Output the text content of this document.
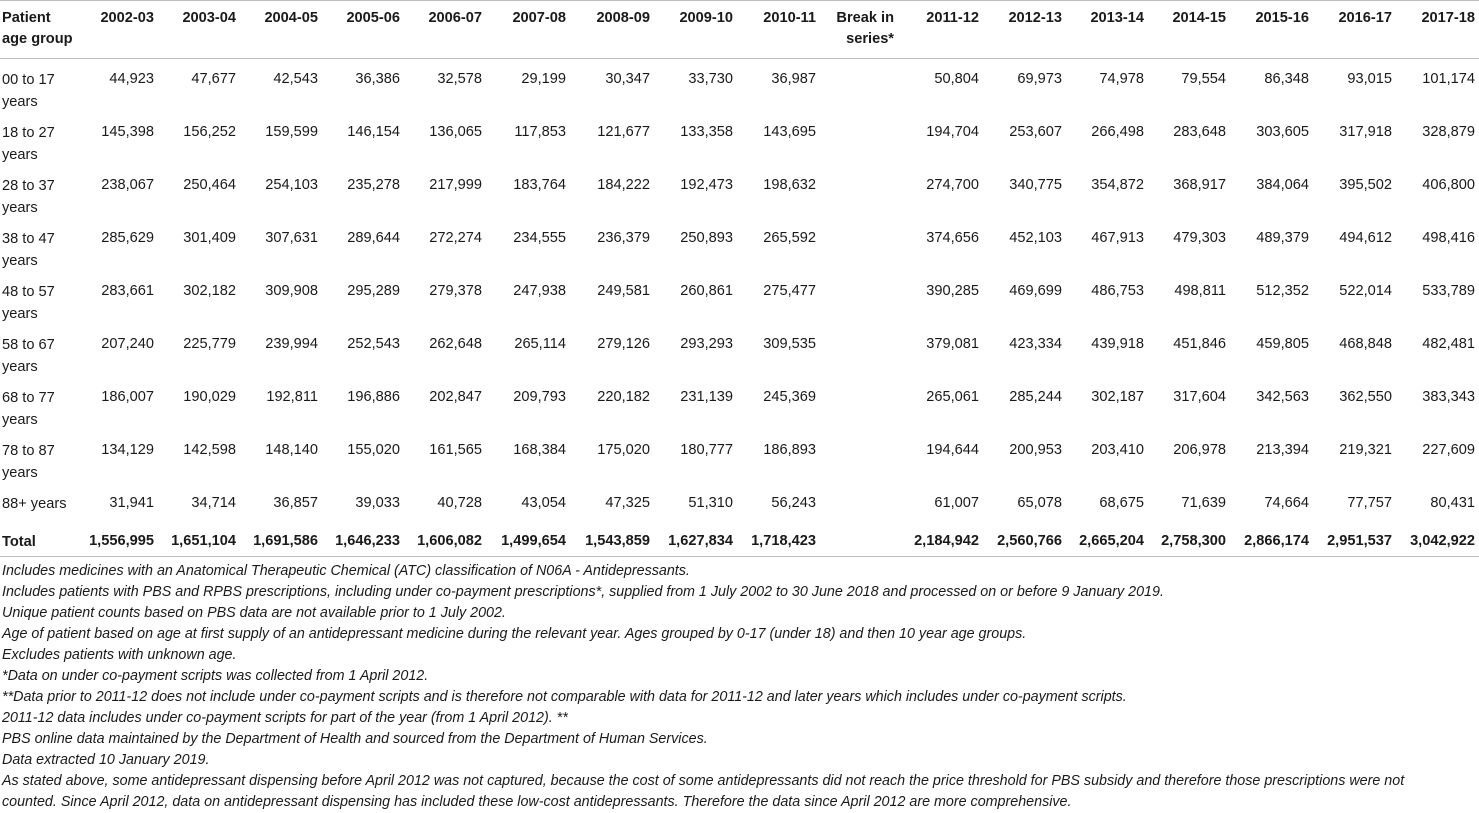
Patient age group	2002-03	2003-04	2004-05	2005-06	2006-07	2007-08	2008-09	2009-10	2010-11	Break in series*	2011-12	2012-13	2013-14	2014-15	2015-16	2016-17	2017-18
00 to 17 years	44,923	47,677	42,543	36,386	32,578	29,199	30,347	33,730	36,987		50,804	69,973	74,978	79,554	86,348	93,015	101,174
18 to 27 years	145,398	156,252	159,599	146,154	136,065	117,853	121,677	133,358	143,695		194,704	253,607	266,498	283,648	303,605	317,918	328,879
28 to 37 years	238,067	250,464	254,103	235,278	217,999	183,764	184,222	192,473	198,632		274,700	340,775	354,872	368,917	384,064	395,502	406,800
38 to 47 years	285,629	301,409	307,631	289,644	272,274	234,555	236,379	250,893	265,592		374,656	452,103	467,913	479,303	489,379	494,612	498,416
48 to 57 years	283,661	302,182	309,908	295,289	279,378	247,938	249,581	260,861	275,477		390,285	469,699	486,753	498,811	512,352	522,014	533,789
58 to 67 years	207,240	225,779	239,994	252,543	262,648	265,114	279,126	293,293	309,535		379,081	423,334	439,918	451,846	459,805	468,848	482,481
68 to 77 years	186,007	190,029	192,811	196,886	202,847	209,793	220,182	231,139	245,369		265,061	285,244	302,187	317,604	342,563	362,550	383,343
78 to 87 years	134,129	142,598	148,140	155,020	161,565	168,384	175,020	180,777	186,893		194,644	200,953	203,410	206,978	213,394	219,321	227,609
88+ years	31,941	34,714	36,857	39,033	40,728	43,054	47,325	51,310	56,243		61,007	65,078	68,675	71,639	74,664	77,757	80,431
Total	1,556,995	1,651,104	1,691,586	1,646,233	1,606,082	1,499,654	1,543,859	1,627,834	1,718,423		2,184,942	2,560,766	2,665,204	2,758,300	2,866,174	2,951,537	3,042,922
Includes medicines with an Anatomical Therapeutic Chemical (ATC) classification of N06A - Antidepressants.
Includes patients with PBS and RPBS prescriptions, including under co-payment prescriptions*, supplied from 1 July 2002 to 30 June 2018 and processed on or before 9 January 2019.
Unique patient counts based on PBS data are not available prior to 1 July 2002.
Age of patient based on age at first supply of an antidepressant medicine during the relevant year. Ages grouped by 0-17 (under 18) and then 10 year age groups.
Excludes patients with unknown age.
*Data on under co-payment scripts was collected from 1 April 2012.
**Data prior to 2011-12 does not include under co-payment scripts and is therefore not comparable with data for 2011-12 and later years which includes under co-payment scripts.
2011-12 data includes under co-payment scripts for part of the year (from 1 April 2012). **
PBS online data maintained by the Department of Health and sourced from the Department of Human Services.
Data extracted 10 January 2019.
As stated above, some antidepressant dispensing before April 2012 was not captured, because the cost of some antidepressants did not reach the price threshold for PBS subsidy and therefore those prescriptions were not counted. Since April 2012, data on antidepressant dispensing has included these low-cost antidepressants. Therefore the data since April 2012 are more comprehensive.
